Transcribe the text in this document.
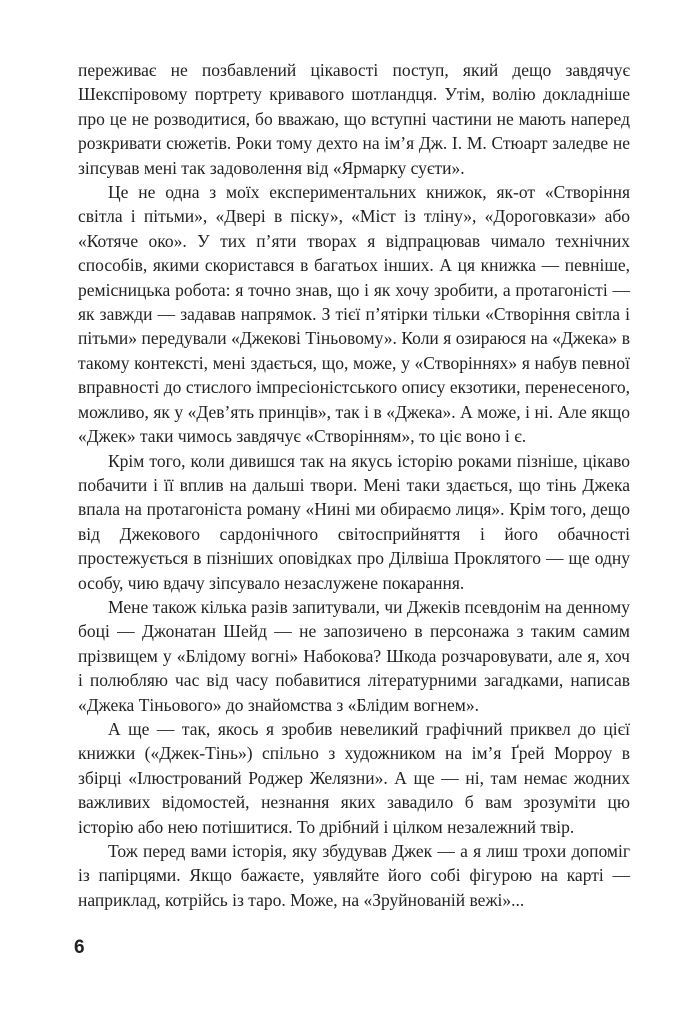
переживає не позбавлений цікавості поступ, який дещо завдячує Шекспіровому портрету кривавого шотландця. Утім, волію докладніше про це не розводитися, бо вважаю, що вступні частини не мають наперед розкривати сюжетів. Роки тому дехто на ім’я Дж. І. М. Стюарт заледве не зіпсував мені так задоволення від «Ярмарку суєти».

Це не одна з моїх експериментальних книжок, як-от «Створіння світла і пітьми», «Двері в піску», «Міст із тліну», «Дороговкази» або «Котяче око». У тих п’яти творах я відпрацював чимало технічних способів, якими скористався в багатьох інших. А ця книжка — певніше, ремісницька робота: я точно знав, що і як хочу зробити, а протагоністі — як завжди — задавав напрямок. З тієї п’ятірки тільки «Створіння світла і пітьми» передували «Джекові Тіньовому». Коли я озираюся на «Джека» в такому контексті, мені здається, що, може, у «Створіннях» я набув певної вправності до стислого імпресіоністського опису екзотики, перенесеного, можливо, як у «Дев’ять принців», так і в «Джека». А може, і ні. Але якщо «Джек» таки чимось завдячує «Створінням», то ціє воно і є.

Крім того, коли дивишся так на якусь історію роками пізніше, цікаво побачити і її вплив на дальші твори. Мені таки здається, що тінь Джека впала на протагоніста роману «Нині ми обираємо лиця». Крім того, дещо від Джекового сардонічного світосприйняття і його обачності простежується в пізніших оповідках про Ділвіша Проклятого — ще одну особу, чию вдачу зіпсувало незаслужене покарання.

Мене також кілька разів запитували, чи Джеків псевдонім на денному боці — Джонатан Шейд — не запозичено в персонажа з таким самим прізвищем у «Блідому вогні» Набокова? Шкода розчаровувати, але я, хоч і полюбляю час від часу побавитися літературними загадками, написав «Джека Тіньового» до знайомства з «Блідим вогнем».

А ще — так, якось я зробив невеликий графічний приквел до цієї книжки («Джек-Тінь») спільно з художником на ім’я Ґрей Морроу в збірці «Ілюстрований Роджер Желязни». А ще — ні, там немає жодних важливих відомостей, незнання яких завадило б вам зрозуміти цю історію або нею потішитися. То дрібний і цілком незалежний твір.

Тож перед вами історія, яку збудував Джек — а я лиш трохи допоміг із папірцями. Якщо бажаєте, уявляйте його собі фігурою на карті — наприклад, котрійсь із таро. Може, на «Зруйнованій вежі»...

6
